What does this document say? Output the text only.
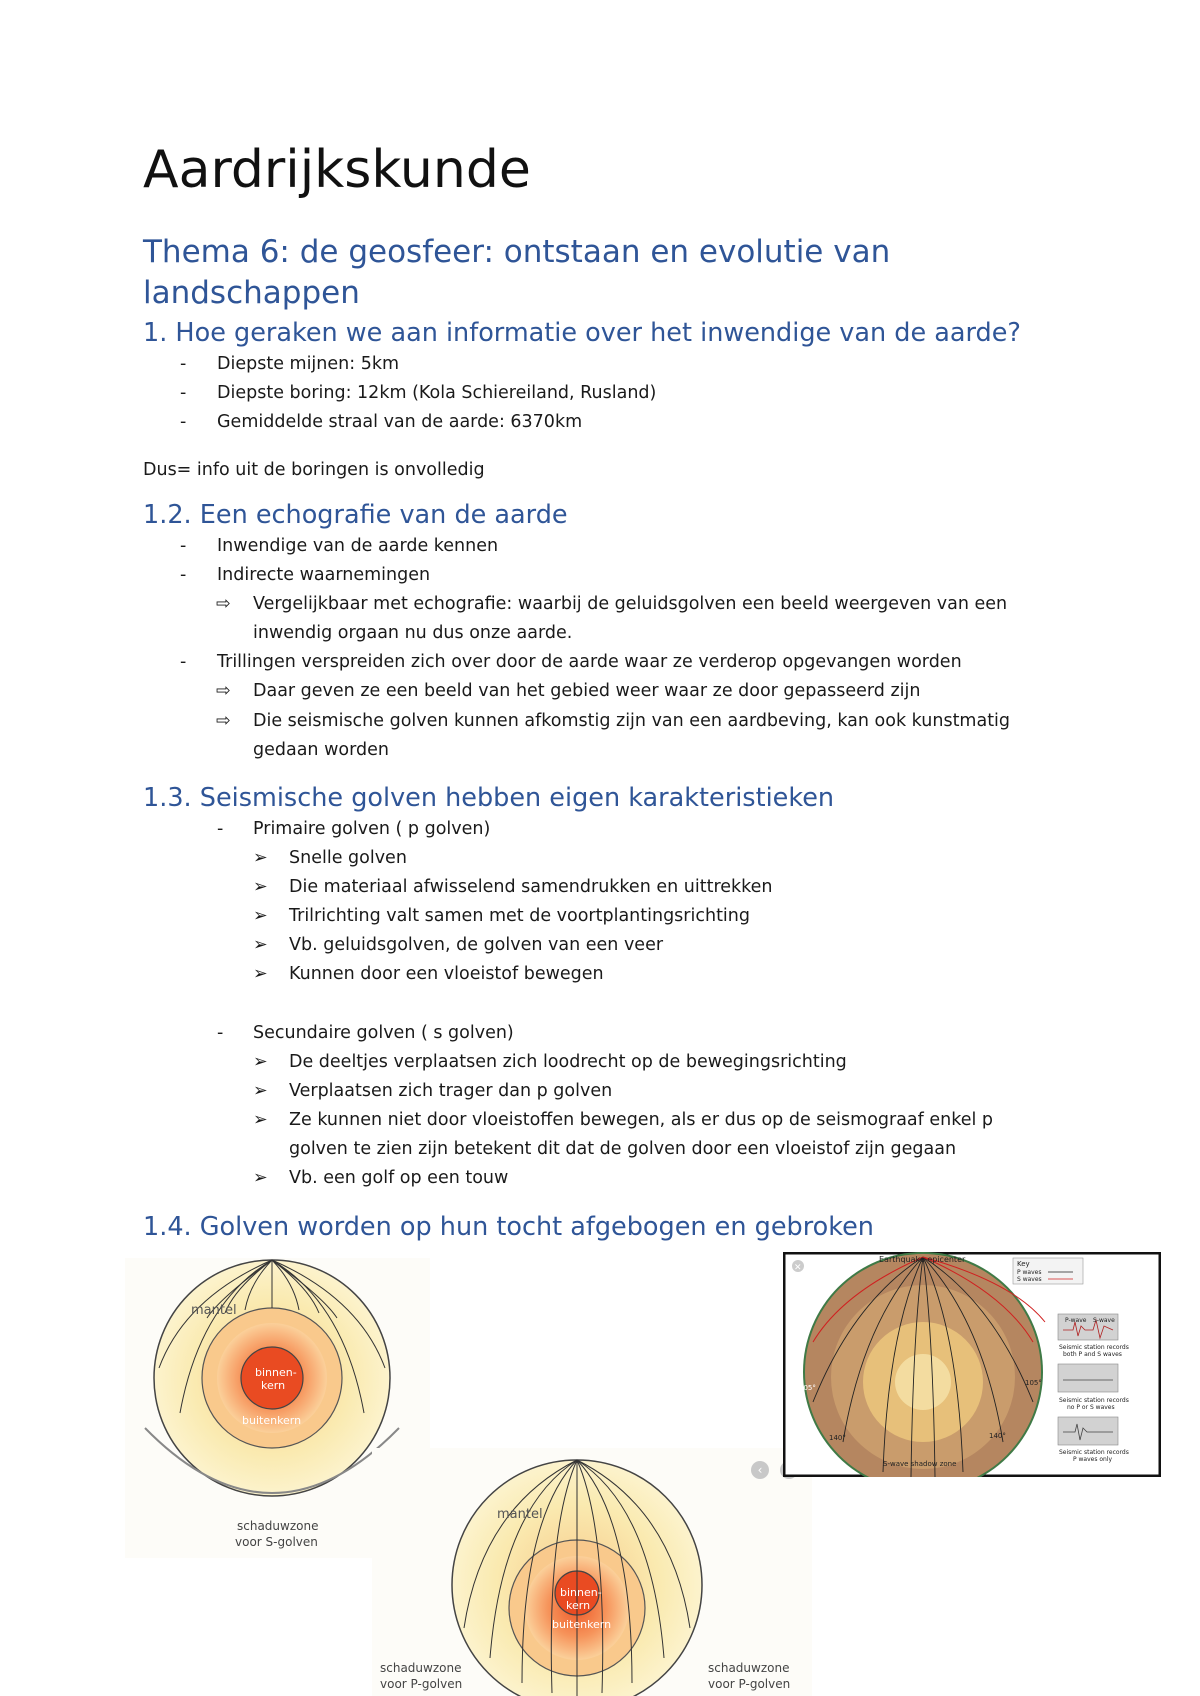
Aardrijkskunde
Thema 6: de geosfeer: ontstaan en evolutie van landschappen
1. Hoe geraken we aan informatie over het inwendige van de aarde?
- Diepste mijnen: 5km
- Diepste boring: 12km (Kola Schiereiland, Rusland)
- Gemiddelde straal van de aarde: 6370km
Dus= info uit de boringen is onvolledig
1.2. Een echografie van de aarde
- Inwendige van de aarde kennen
- Indirecte waarnemingen
⇨ Vergelijkbaar met echografie: waarbij de geluidsgolven een beeld weergeven van een
inwendig orgaan nu dus onze aarde.
- Trillingen verspreiden zich over door de aarde waar ze verderop opgevangen worden
⇨ Daar geven ze een beeld van het gebied weer waar ze door gepasseerd zijn
⇨ Die seismische golven kunnen afkomstig zijn van een aardbeving, kan ook kunstmatig
gedaan worden
1.3. Seismische golven hebben eigen karakteristieken
- Primaire golven ( p golven)
➢ Snelle golven
➢ Die materiaal afwisselend samendrukken en uittrekken
➢ Trilrichting valt samen met de voortplantingsrichting
➢ Vb. geluidsgolven, de golven van een veer
➢ Kunnen door een vloeistof bewegen
- Secundaire golven ( s golven)
➢ De deeltjes verplaatsen zich loodrecht op de bewegingsrichting
➢ Verplaatsen zich trager dan p golven
➢ Ze kunnen niet door vloeistoffen bewegen, als er dus op de seismograaf enkel p
golven te zien zijn betekent dit dat de golven door een vloeistof zijn gegaan
➢ Vb. een golf op een touw
1.4. Golven worden op hun tocht afgebogen en gebroken
mantel
binnen-
kern
buitenkern
schaduwzone
voor S-golven
mantel
binnen-
kern
buitenkern
schaduwzone
voor P-golven
schaduwzone
voor P-golven
‹
✕
Earthquake epicenter	Key
P waves
S waves
105°
105°
140°	140°
S-wave shadow zone
P-wave S-wave
Seismic station records
both P and S waves
Seismic station records
no P or S waves
Seismic station records
P waves only
